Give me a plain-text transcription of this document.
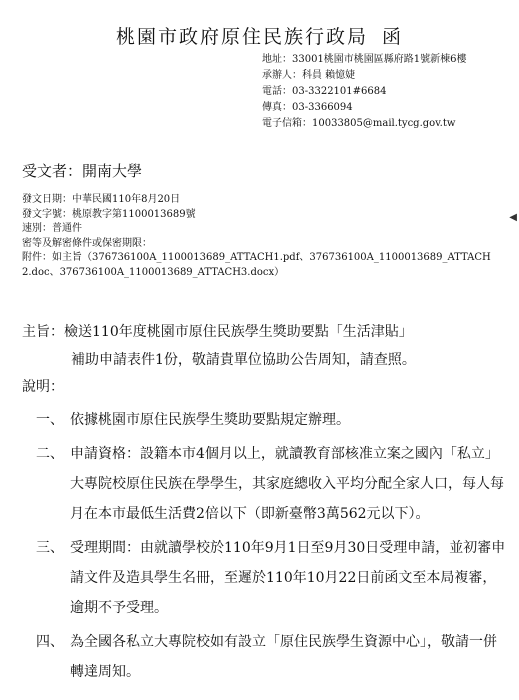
桃園市政府原住民族行政局 函
地址：33001桃園市桃園區縣府路1號新棟6樓
承辦人：科員 賴憶婕
電話：03-3322101#6684
傳真：03-3366094
電子信箱：10033805@mail.tycg.gov.tw
受文者：開南大學
發文日期：中華民國110年8月20日
發文字號：桃原教字第1100013689號
速別：普通件
密等及解密條件或保密期限：
附件：如主旨（376736100A_1100013689_ATTACH1.pdf、376736100A_1100013689_ATTACH2.doc、376736100A_1100013689_ATTACH3.docx）
主旨：檢送110年度桃園市原住民族學生獎助要點「生活津貼」
補助申請表件1份，敬請貴單位協助公告周知，請查照。
說明：
一、 依據桃園市原住民族學生獎助要點規定辦理。
二、 申請資格：設籍本市4個月以上，就讀教育部核准立案之國內「私立」大專院校原住民族在學學生，其家庭總收入平均分配全家人口，每人每月在本市最低生活費2倍以下（即新臺幣3萬562元以下）。
三、 受理期間：由就讀學校於110年9月1日至9月30日受理申請，並初審申請文件及造具學生名冊，至遲於110年10月22日前函文至本局複審，逾期不予受理。
四、 為全國各私立大專院校如有設立「原住民族學生資源中心」，敬請一併轉達周知。
◀
